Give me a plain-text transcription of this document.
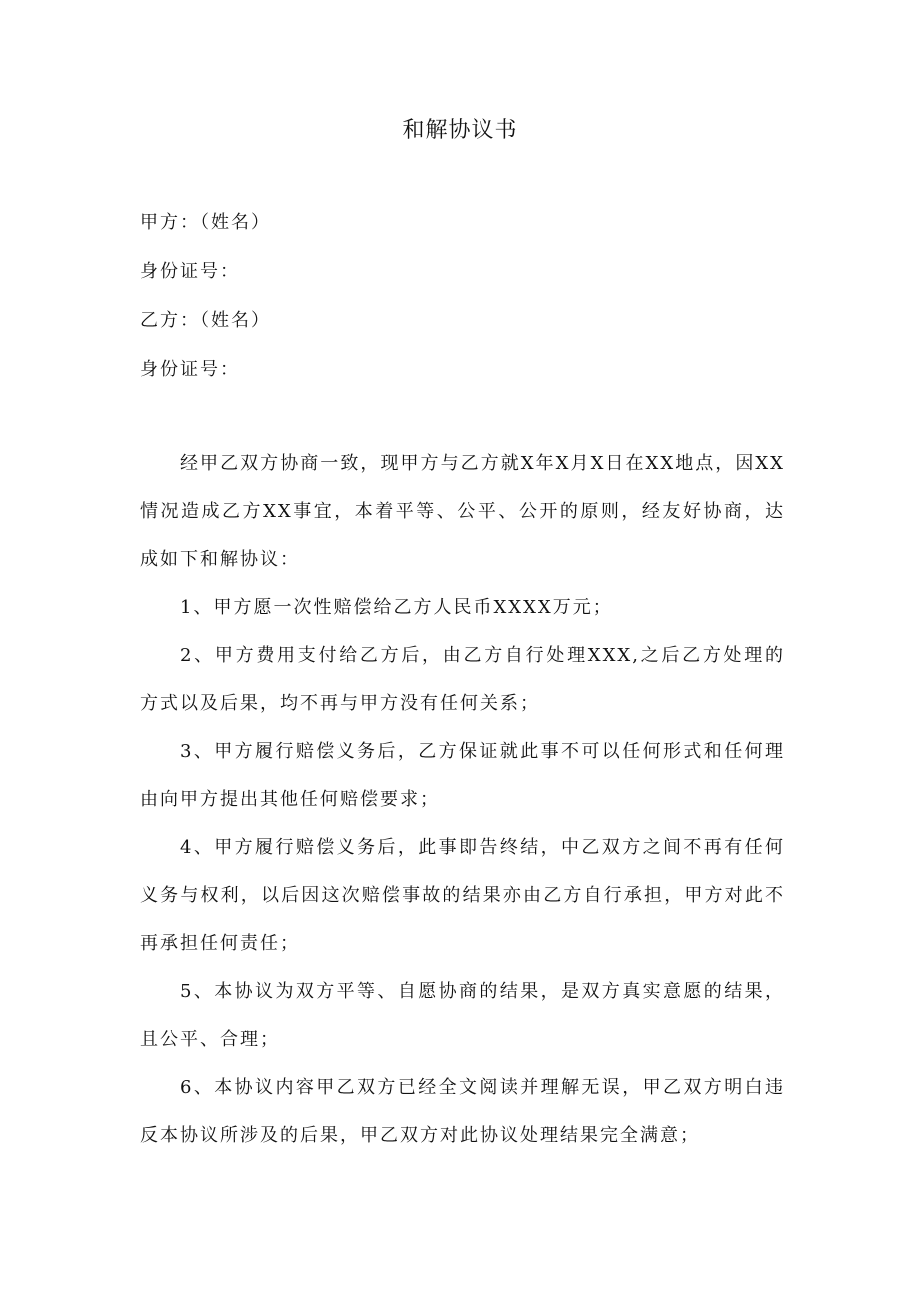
和解协议书
甲方：（姓名）
身份证号：
乙方：（姓名）
身份证号：

经甲乙双方协商一致，现甲方与乙方就X年X月X日在XX地点，因XX情况造成乙方XX事宜，本着平等、公平、公开的原则，经友好协商，达成如下和解协议：

1、甲方愿一次性赔偿给乙方人民币XXXX万元；

2、甲方费用支付给乙方后，由乙方自行处理XXX,之后乙方处理的方式以及后果，均不再与甲方没有任何关系；

3、甲方履行赔偿义务后，乙方保证就此事不可以任何形式和任何理由向甲方提出其他任何赔偿要求；

4、甲方履行赔偿义务后，此事即告终结，中乙双方之间不再有任何义务与权利，以后因这次赔偿事故的结果亦由乙方自行承担，甲方对此不再承担任何责任；

5、本协议为双方平等、自愿协商的结果，是双方真实意愿的结果，且公平、合理；

6、本协议内容甲乙双方已经全文阅读并理解无误，甲乙双方明白违反本协议所涉及的后果，甲乙双方对此协议处理结果完全满意；
